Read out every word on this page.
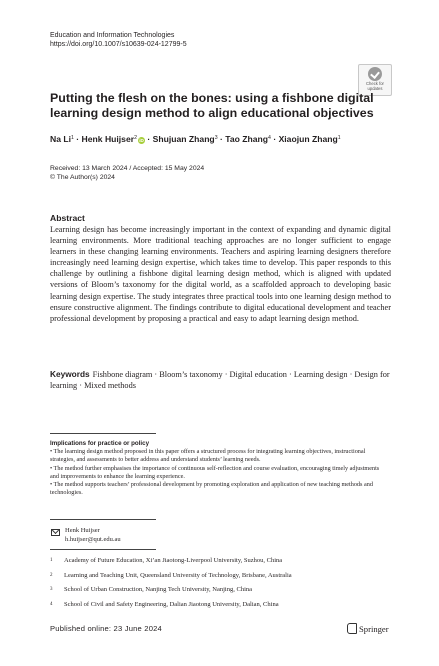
Education and Information Technologies
https://doi.org/10.1007/s10639-024-12799-5
Check for
updates
Putting the flesh on the bones: using a fishbone digital learning design method to align educational objectives
Na $Li^1$ · Henk Huijser$^2$ iD · Shujuan Zhang$^3$ · Tao Zhang$^4$ · Xiaojun Zhang$^1$
Received: 13 March 2024 / Accepted: 15 May 2024
© The Author(s) 2024
Abstract
Learning design has become increasingly important in the context of expanding and dynamic digital learning environments. More traditional teaching approaches are no longer sufficient to engage learners in these changing learning environments. Teachers and aspiring learning designers therefore increasingly need learning design expertise, which takes time to develop. This paper responds to this challenge by outlining a fishbone digital learning design method, which is aligned with updated versions of Bloom’s taxonomy for the digital world, as a scaffolded approach to developing basic learning design expertise. The study integrates three practical tools into one learning design method to ensure constructive alignment. The findings contribute to digital educational development and teacher professional development by proposing a practical and easy to adapt learning design method.
Keywords Fishbone diagram · Bloom’s taxonomy · Digital education · Learning design · Design for learning · Mixed methods
Implications for practice or policy
• The learning design method proposed in this paper offers a structured process for integrating learning objectives, instructional strategies, and assessments to better address and understand students’ learning needs.
• The method further emphasises the importance of continuous self-reflection and course evaluation, encouraging timely adjustments and improvements to enhance the learning experience.
• The method supports teachers’ professional development by promoting exploration and application of new teaching methods and technologies.
Henk Huijser
h.huijser@qut.edu.au
1 Academy of Future Education, Xi’an Jiaotong-Liverpool University, Suzhou, China
2 Learning and Teaching Unit, Queensland University of Technology, Brisbane, Australia
3 School of Urban Construction, Nanjing Tech University, Nanjing, China
4 School of Civil and Safety Engineering, Dalian Jiaotong University, Dalian, China
Published online: 23 June 2024	Springer
